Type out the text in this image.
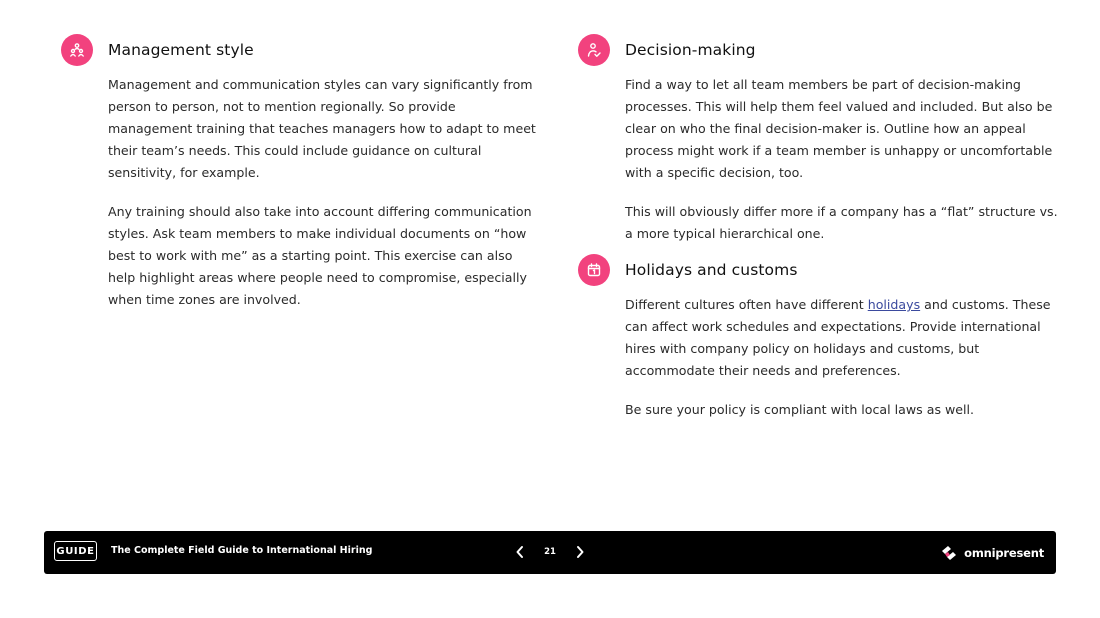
Management style

Management and communication styles can vary significantly from person to person, not to mention regionally. So provide management training that teaches managers how to adapt to meet their team’s needs. This could include guidance on cultural sensitivity, for example.

Any training should also take into account differing communication styles. Ask team members to make individual documents on “how best to work with me” as a starting point. This exercise can also help highlight areas where people need to compromise, especially when time zones are involved.

Decision-making

Find a way to let all team members be part of decision-making processes. This will help them feel valued and included. But also be clear on who the final decision-maker is. Outline how an appeal process might work if a team member is unhappy or uncomfortable with a specific decision, too.

This will obviously differ more if a company has a “flat” structure vs. a more typical hierarchical one.

Holidays and customs

Different cultures often have different holidays and customs. These can affect work schedules and expectations. Provide international hires with company policy on holidays and customs, but accommodate their needs and preferences.

Be sure your policy is compliant with local laws as well.

GUIDE The Complete Field Guide to International Hiring	21	omnipresent
